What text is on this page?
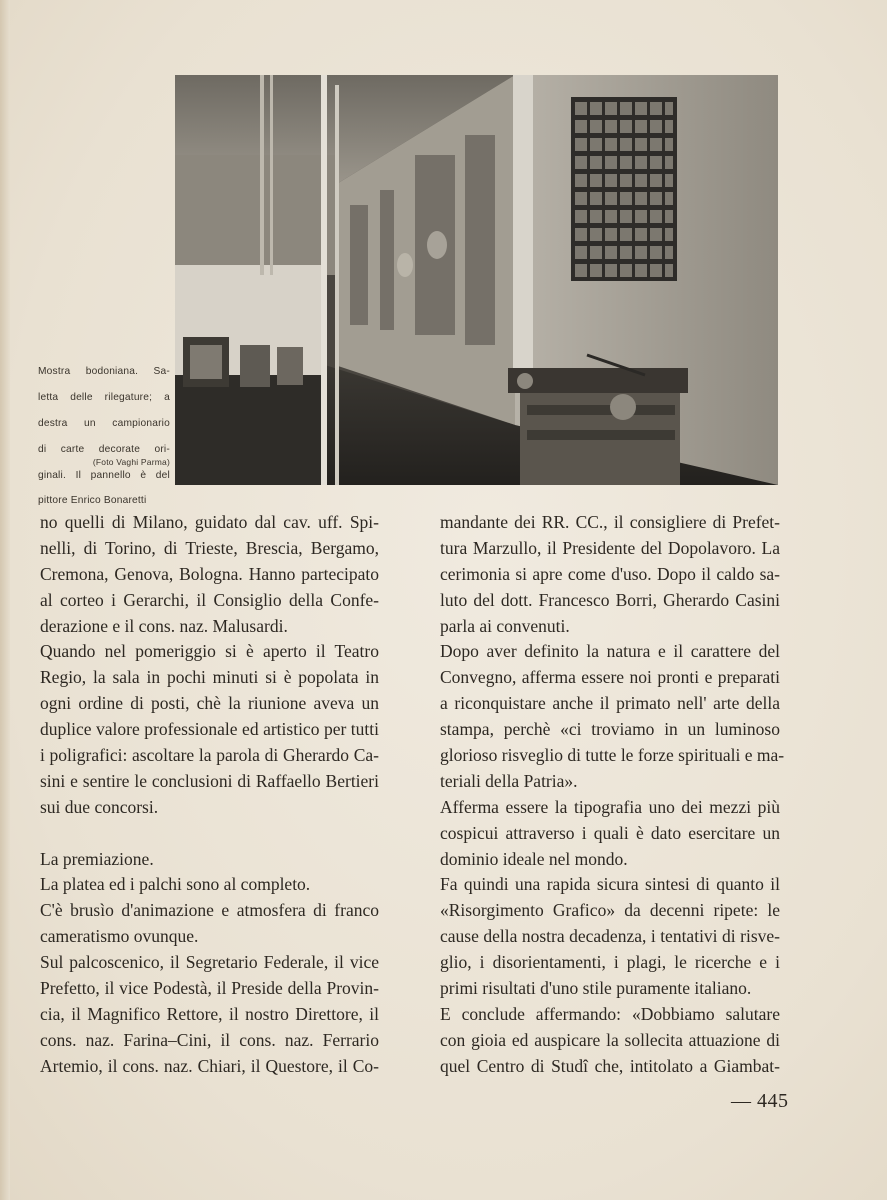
Mostra bodoniana. Sa-
letta delle rilegature; a
destra un campionario
di carte decorate ori-
ginali. Il pannello è del
pittore Enrico Bonaretti
(Foto Vaghi Parma)
no quelli di Milano, guidato dal cav. uff. Spi-
nelli, di Torino, di Trieste, Brescia, Bergamo,
Cremona, Genova, Bologna. Hanno partecipato
al corteo i Gerarchi, il Consiglio della Confe-
derazione e il cons. naz. Malusardi.
Quando nel pomeriggio si è aperto il Teatro
Regio, la sala in pochi minuti si è popolata in
ogni ordine di posti, chè la riunione aveva un
duplice valore professionale ed artistico per tutti
i poligrafici: ascoltare la parola di Gherardo Ca-
sini e sentire le conclusioni di Raffaello Bertieri
sui due concorsi.
La premiazione.
La platea ed i palchi sono al completo.
C'è brusìo d'animazione e atmosfera di franco
cameratismo ovunque.
Sul palcoscenico, il Segretario Federale, il vice
Prefetto, il vice Podestà, il Preside della Provin-
cia, il Magnifico Rettore, il nostro Direttore, il
cons. naz. Farina–Cini, il cons. naz. Ferrario
Artemio, il cons. naz. Chiari, il Questore, il Co-
mandante dei RR. CC., il consigliere di Prefet-
tura Marzullo, il Presidente del Dopolavoro. La
cerimonia si apre come d'uso. Dopo il caldo sa-
luto del dott. Francesco Borri, Gherardo Casini
parla ai convenuti.
Dopo aver definito la natura e il carattere del
Convegno, afferma essere noi pronti e preparati
a riconquistare anche il primato nell' arte della
stampa, perchè «ci troviamo in un luminoso
glorioso risveglio di tutte le forze spirituali e ma-
teriali della Patria».
Afferma essere la tipografia uno dei mezzi più
cospicui attraverso i quali è dato esercitare un
dominio ideale nel mondo.
Fa quindi una rapida sicura sintesi di quanto il
«Risorgimento Grafico» da decenni ripete: le
cause della nostra decadenza, i tentativi di risve-
glio, i disorientamenti, i plagi, le ricerche e i
primi risultati d'uno stile puramente italiano.
E conclude affermando: «Dobbiamo salutare
con gioia ed auspicare la sollecita attuazione di
quel Centro di Studî che, intitolato a Giambat-
— 445
